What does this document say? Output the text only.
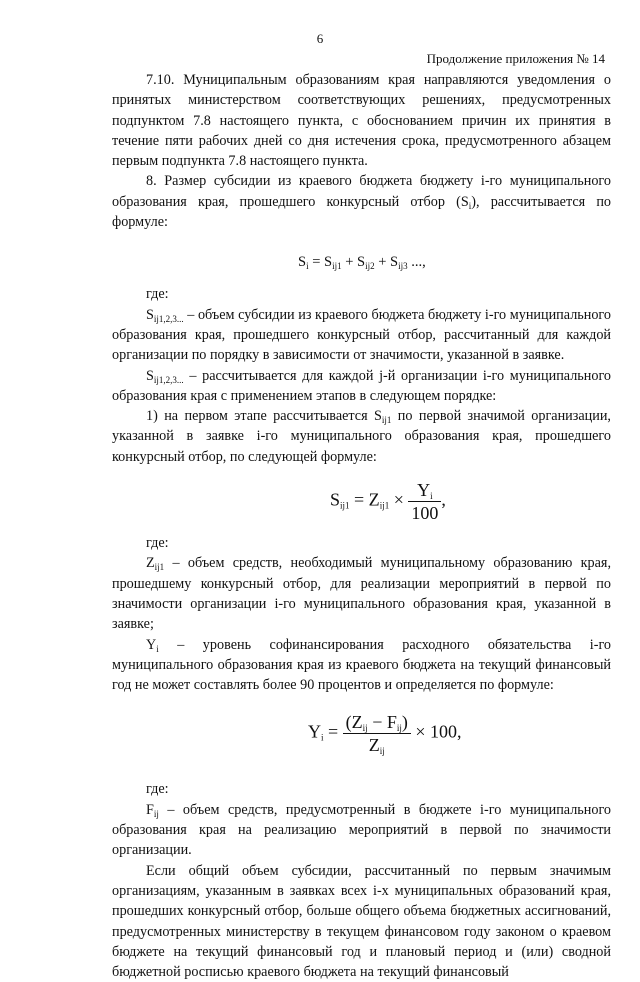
6
Продолжение приложения № 14

7.10. Муниципальным образованиям края направляются уведомления о принятых министерством соответствующих решениях, предусмотренных подпунктом 7.8 настоящего пункта, с обоснованием причин их принятия в течение пяти рабочих дней со дня истечения срока, предусмотренного абзацем первым подпункта 7.8 настоящего пункта.

8. Размер субсидии из краевого бюджета бюджету i-го муниципального образования края, прошедшего конкурсный отбор $(S_i)$, рассчитывается по формуле:

$S_i = S_{ij1} + S_{ij2} + S_{ij3}$ ...,

где:

$S_{ij1,2,3...}$ – объем субсидии из краевого бюджета бюджету i-го муниципального образования края, прошедшего конкурсный отбор, рассчитанный для каждой организации по порядку в зависимости от значимости, указанной в заявке.

$S_{ij1,2,3...}$ – рассчитывается для каждой j-й организации i-го муниципального образования края с применением этапов в следующем порядке:

1) на первом этапе рассчитывается $S_{ij1}$ по первой значимой организации, указанной в заявке i-го муниципального образования края, прошедшего конкурсный отбор, по следующей формуле:

$S_{ij1} = Z_{ij1} \times \frac{Y_i}{100}$ ,

где:

$Z_{ij1}$ – объем средств, необходимый муниципальному образованию края, прошедшему конкурсный отбор, для реализации мероприятий в первой по значимости организации i-го муниципального образования края, указанной в заявке;

$Y_i$ – уровень софинансирования расходного обязательства i-го муниципального образования края из краевого бюджета на текущий финансовый год не может составлять более 90 процентов и определяется по формуле:

$Y_i = \frac{(Z_{ij} - F_{ij})}{Z_{ij}} \times 100$,

где:

$F_{ij}$ – объем средств, предусмотренный в бюджете i-го муниципального образования края на реализацию мероприятий в первой по значимости организации.

Если общий объем субсидии, рассчитанный по первым значимым организациям, указанным в заявках всех i-х муниципальных образований края, прошедших конкурсный отбор, больше общего объема бюджетных ассигнований, предусмотренных министерству в текущем финансовом году законом о краевом бюджете на текущий финансовый год и плановый период и (или) сводной бюджетной росписью краевого бюджета на текущий финансовый
